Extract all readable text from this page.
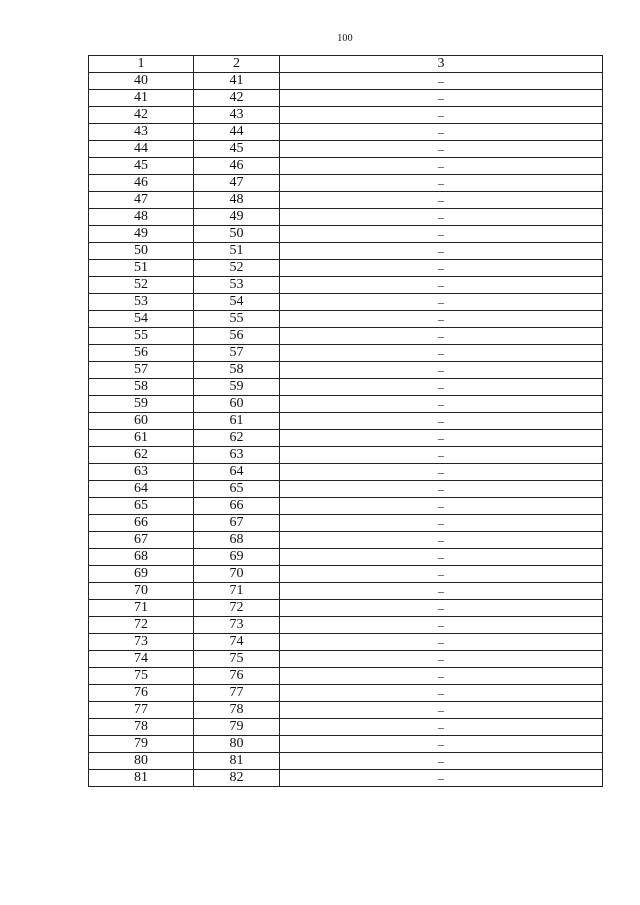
100
1	2	3
40	41	–
41	42	–
42	43	–
43	44	–
44	45	–
45	46	–
46	47	–
47	48	–
48	49	–
49	50	–
50	51	–
51	52	–
52	53	–
53	54	–
54	55	–
55	56	–
56	57	–
57	58	–
58	59	–
59	60	–
60	61	–
61	62	–
62	63	–
63	64	–
64	65	–
65	66	–
66	67	–
67	68	–
68	69	–
69	70	–
70	71	–
71	72	–
72	73	–
73	74	–
74	75	–
75	76	–
76	77	–
77	78	–
78	79	–
79	80	–
80	81	–
81	82	–
